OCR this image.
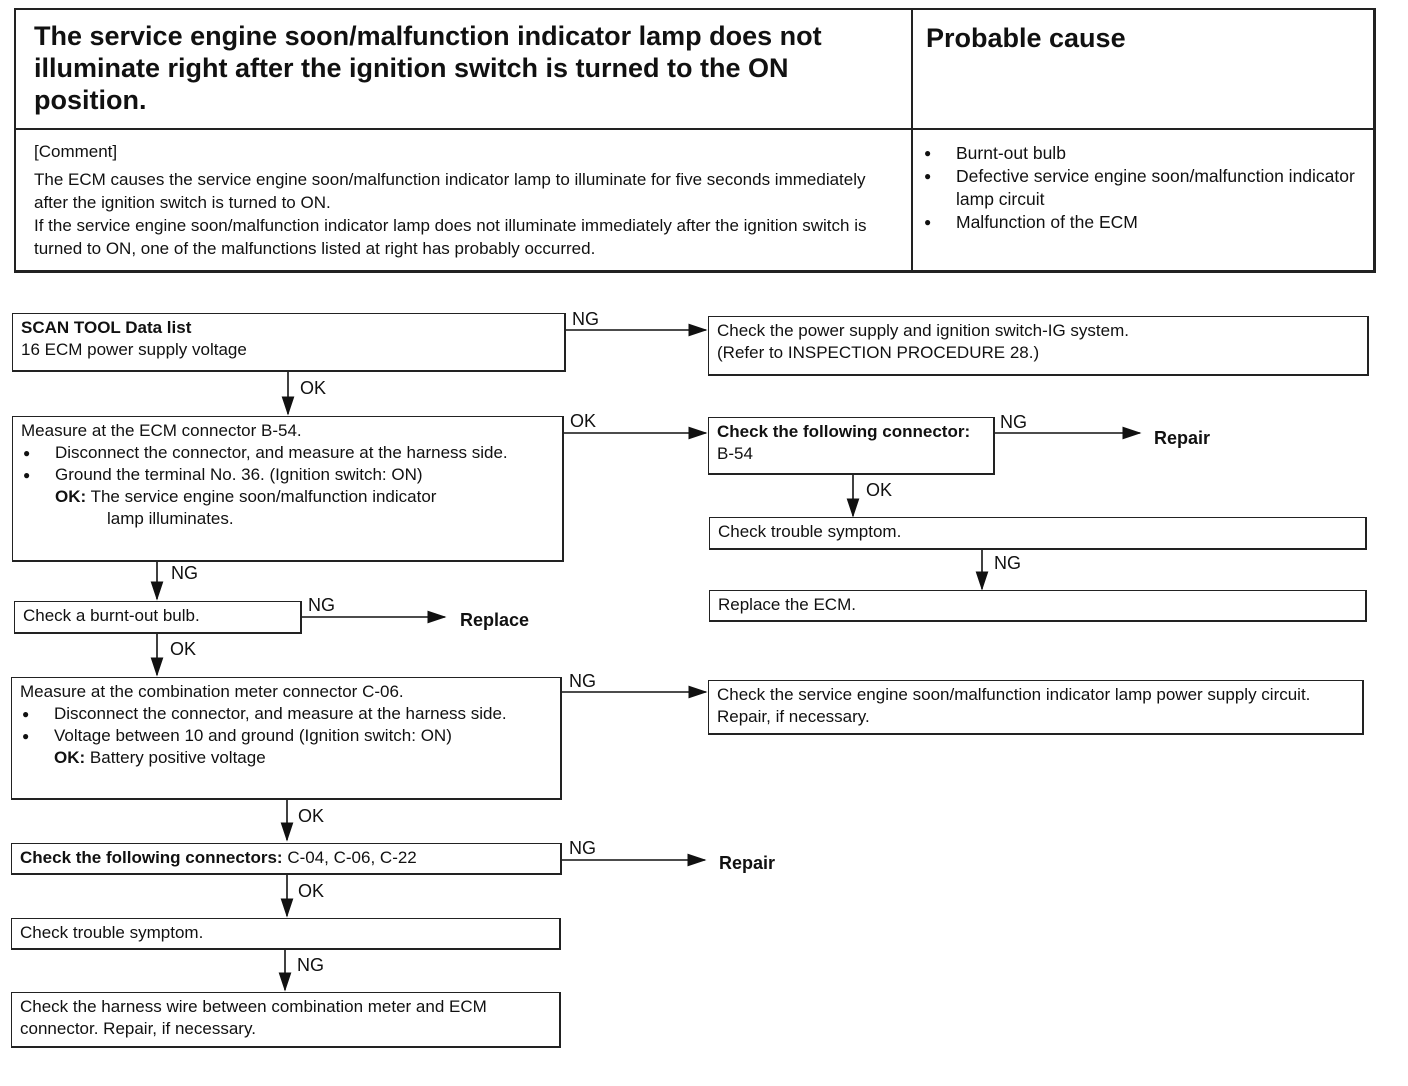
The service engine soon/malfunction indicator lamp does not illuminate right after the ignition switch is turned to the ON position.
Probable cause
[Comment]
The ECM causes the service engine soon/malfunction indicator lamp to illuminate for five seconds immediately after the ignition switch is turned to ON.
If the service engine soon/malfunction indicator lamp does not illuminate immediately after the ignition switch is turned to ON, one of the malfunctions listed at right has probably occurred.
● Burnt-out bulb
● Defective service engine soon/malfunction indicator lamp circuit
● Malfunction of the ECM
NG
OK
OK	NG
OK
NG
NG
NG
OK
NG
OK
NG
OK
NG
Repair
Replace
Repair
SCAN TOOL Data list
16 ECM power supply voltage
Measure at the ECM connector B-54.
● Disconnect the connector, and measure at the harness side.
● Ground the terminal No. 36. (Ignition switch: ON)
OK: The service engine soon/malfunction indicator
lamp illuminates.
Check a burnt-out bulb.
Measure at the combination meter connector C-06.
● Disconnect the connector, and measure at the harness side.
● Voltage between 10 and ground (Ignition switch: ON)
OK: Battery positive voltage
Check the following connectors: C-04, C-06, C-22
Check trouble symptom.
Check the harness wire between combination meter and ECM connector. Repair, if necessary.
Check the power supply and ignition switch-IG system.
(Refer to INSPECTION PROCEDURE 28.)
Check the following connector: B-54
Check trouble symptom.
Replace the ECM.
Check the service engine soon/malfunction indicator lamp power supply circuit. Repair, if necessary.
